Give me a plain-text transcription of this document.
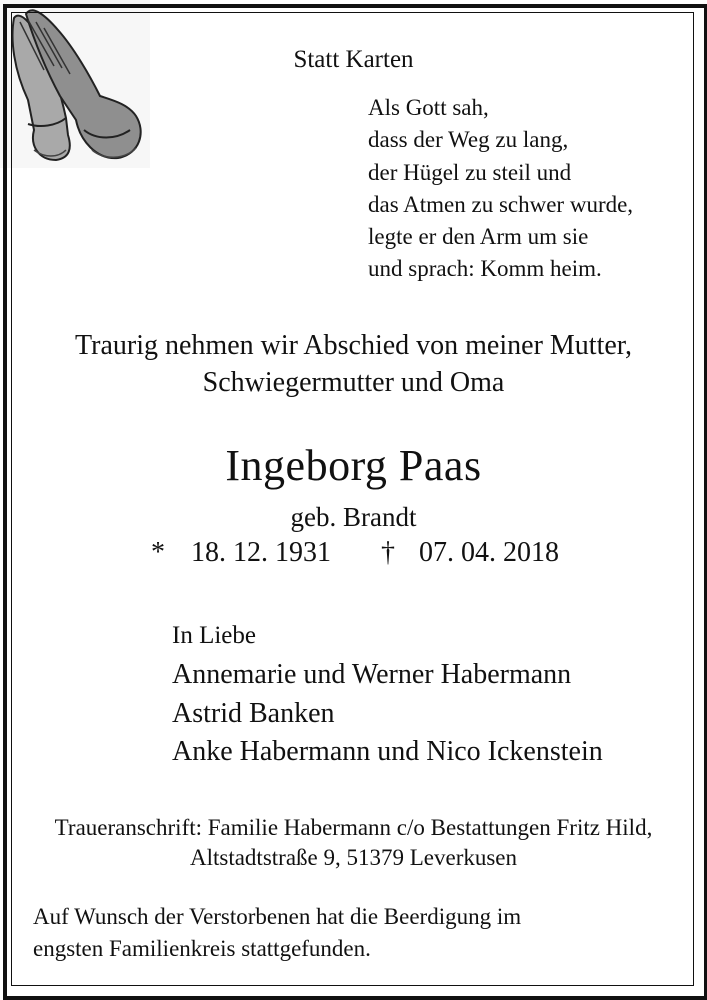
Statt Karten
Als Gott sah,
dass der Weg zu lang,
der Hügel zu steil und
das Atmen zu schwer wurde,
legte er den Arm um sie
und sprach: Komm heim.
Traurig nehmen wir Abschied von meiner Mutter,
Schwiegermutter und Oma
Ingeborg Paas
geb. Brandt
* 18. 12. 1931 † 07. 04. 2018
In Liebe
Annemarie und Werner Habermann
Astrid Banken
Anke Habermann und Nico Ickenstein
Traueranschrift: Familie Habermann c/o Bestattungen Fritz Hild,
Altstadtstraße 9, 51379 Leverkusen
Auf Wunsch der Verstorbenen hat die Beerdigung im
engsten Familienkreis stattgefunden.
